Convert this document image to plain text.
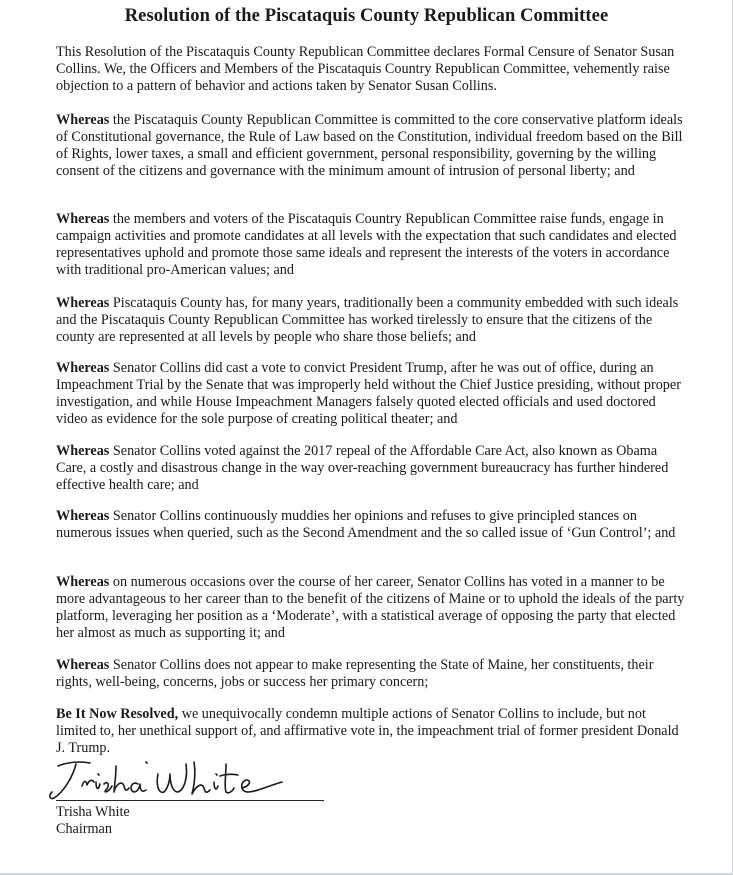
Resolution of the Piscataquis County Republican Committee

This Resolution of the Piscataquis County Republican Committee declares Formal Censure of Senator Susan Collins. We, the Officers and Members of the Piscataquis Country Republican Committee, vehemently raise objection to a pattern of behavior and actions taken by Senator Susan Collins.

Whereas the Piscataquis County Republican Committee is committed to the core conservative platform ideals of Constitutional governance, the Rule of Law based on the Constitution, individual freedom based on the Bill of Rights, lower taxes, a small and efficient government, personal responsibility, governing by the willing consent of the citizens and governance with the minimum amount of intrusion of personal liberty; and

Whereas the members and voters of the Piscataquis Country Republican Committee raise funds, engage in campaign activities and promote candidates at all levels with the expectation that such candidates and elected representatives uphold and promote those same ideals and represent the interests of the voters in accordance with traditional pro-American values; and

Whereas Piscataquis County has, for many years, traditionally been a community embedded with such ideals and the Piscataquis County Republican Committee has worked tirelessly to ensure that the citizens of the county are represented at all levels by people who share those beliefs; and

Whereas Senator Collins did cast a vote to convict President Trump, after he was out of office, during an Impeachment Trial by the Senate that was improperly held without the Chief Justice presiding, without proper investigation, and while House Impeachment Managers falsely quoted elected officials and used doctored video as evidence for the sole purpose of creating political theater; and

Whereas Senator Collins voted against the 2017 repeal of the Affordable Care Act, also known as Obama Care, a costly and disastrous change in the way over-reaching government bureaucracy has further hindered effective health care; and

Whereas Senator Collins continuously muddies her opinions and refuses to give principled stances on numerous issues when queried, such as the Second Amendment and the so called issue of ‘Gun Control’; and

Whereas on numerous occasions over the course of her career, Senator Collins has voted in a manner to be more advantageous to her career than to the benefit of the citizens of Maine or to uphold the ideals of the party platform, leveraging her position as a ‘Moderate’, with a statistical average of opposing the party that elected her almost as much as supporting it; and

Whereas Senator Collins does not appear to make representing the State of Maine, her constituents, their rights, well-being, concerns, jobs or success her primary concern;

Be It Now Resolved, we unequivocally condemn multiple actions of Senator Collins to include, but not limited to, her unethical support of, and affirmative vote in, the impeachment trial of former president Donald J. Trump.

Trisha White
Trisha White
Chairman
